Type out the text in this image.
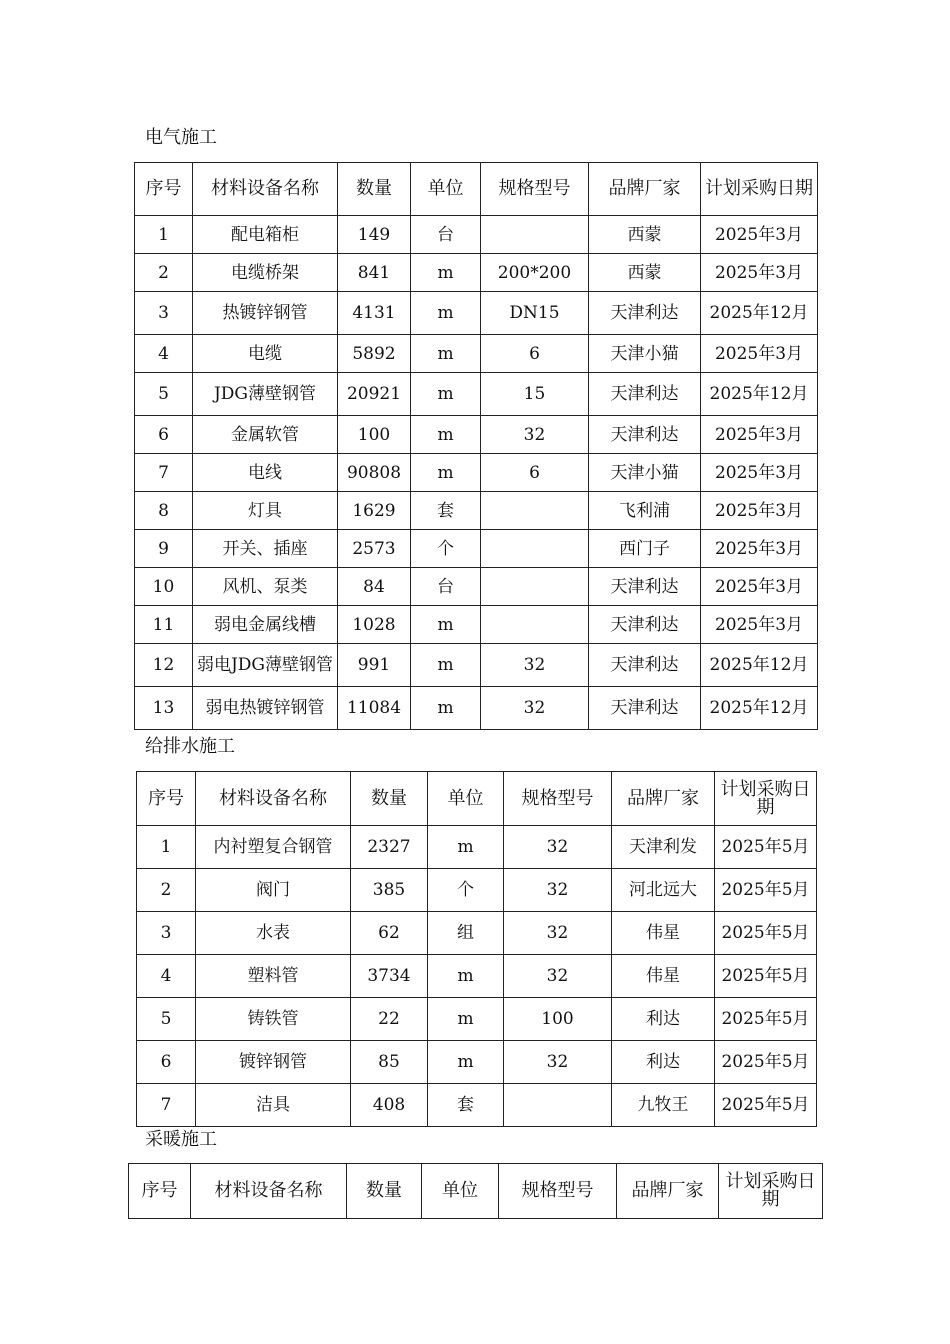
电气施工
序号	材料设备名称	数量	单位	规格型号	品牌厂家	计划采购日期
1	配电箱柜	149	台		西蒙	2025年3月
2	电缆桥架	841	m	200*200	西蒙	2025年3月
3	热镀锌钢管	4131	m	DN15	天津利达	2025年12月
4	电缆	5892	m	6	天津小猫	2025年3月
5	JDG薄壁钢管	20921	m	15	天津利达	2025年12月
6	金属软管	100	m	32	天津利达	2025年3月
7	电线	90808	m	6	天津小猫	2025年3月
8	灯具	1629	套		飞利浦	2025年3月
9	开关、插座	2573	个		西门子	2025年3月
10	风机、泵类	84	台		天津利达	2025年3月
11	弱电金属线槽	1028	m		天津利达	2025年3月
12	弱电JDG薄壁钢管	991	m	32	天津利达	2025年12月
13	弱电热镀锌钢管	11084	m	32	天津利达	2025年12月
给排水施工
序号	材料设备名称	数量	单位	规格型号	品牌厂家	计划采购日期
1	内衬塑复合钢管	2327	m	32	天津利发	2025年5月
2	阀门	385	个	32	河北远大	2025年5月
3	水表	62	组	32	伟星	2025年5月
4	塑料管	3734	m	32	伟星	2025年5月
5	铸铁管	22	m	100	利达	2025年5月
6	镀锌钢管	85	m	32	利达	2025年5月
7	洁具	408	套		九牧王	2025年5月
采暖施工
序号	材料设备名称	数量	单位	规格型号	品牌厂家	计划采购日期
